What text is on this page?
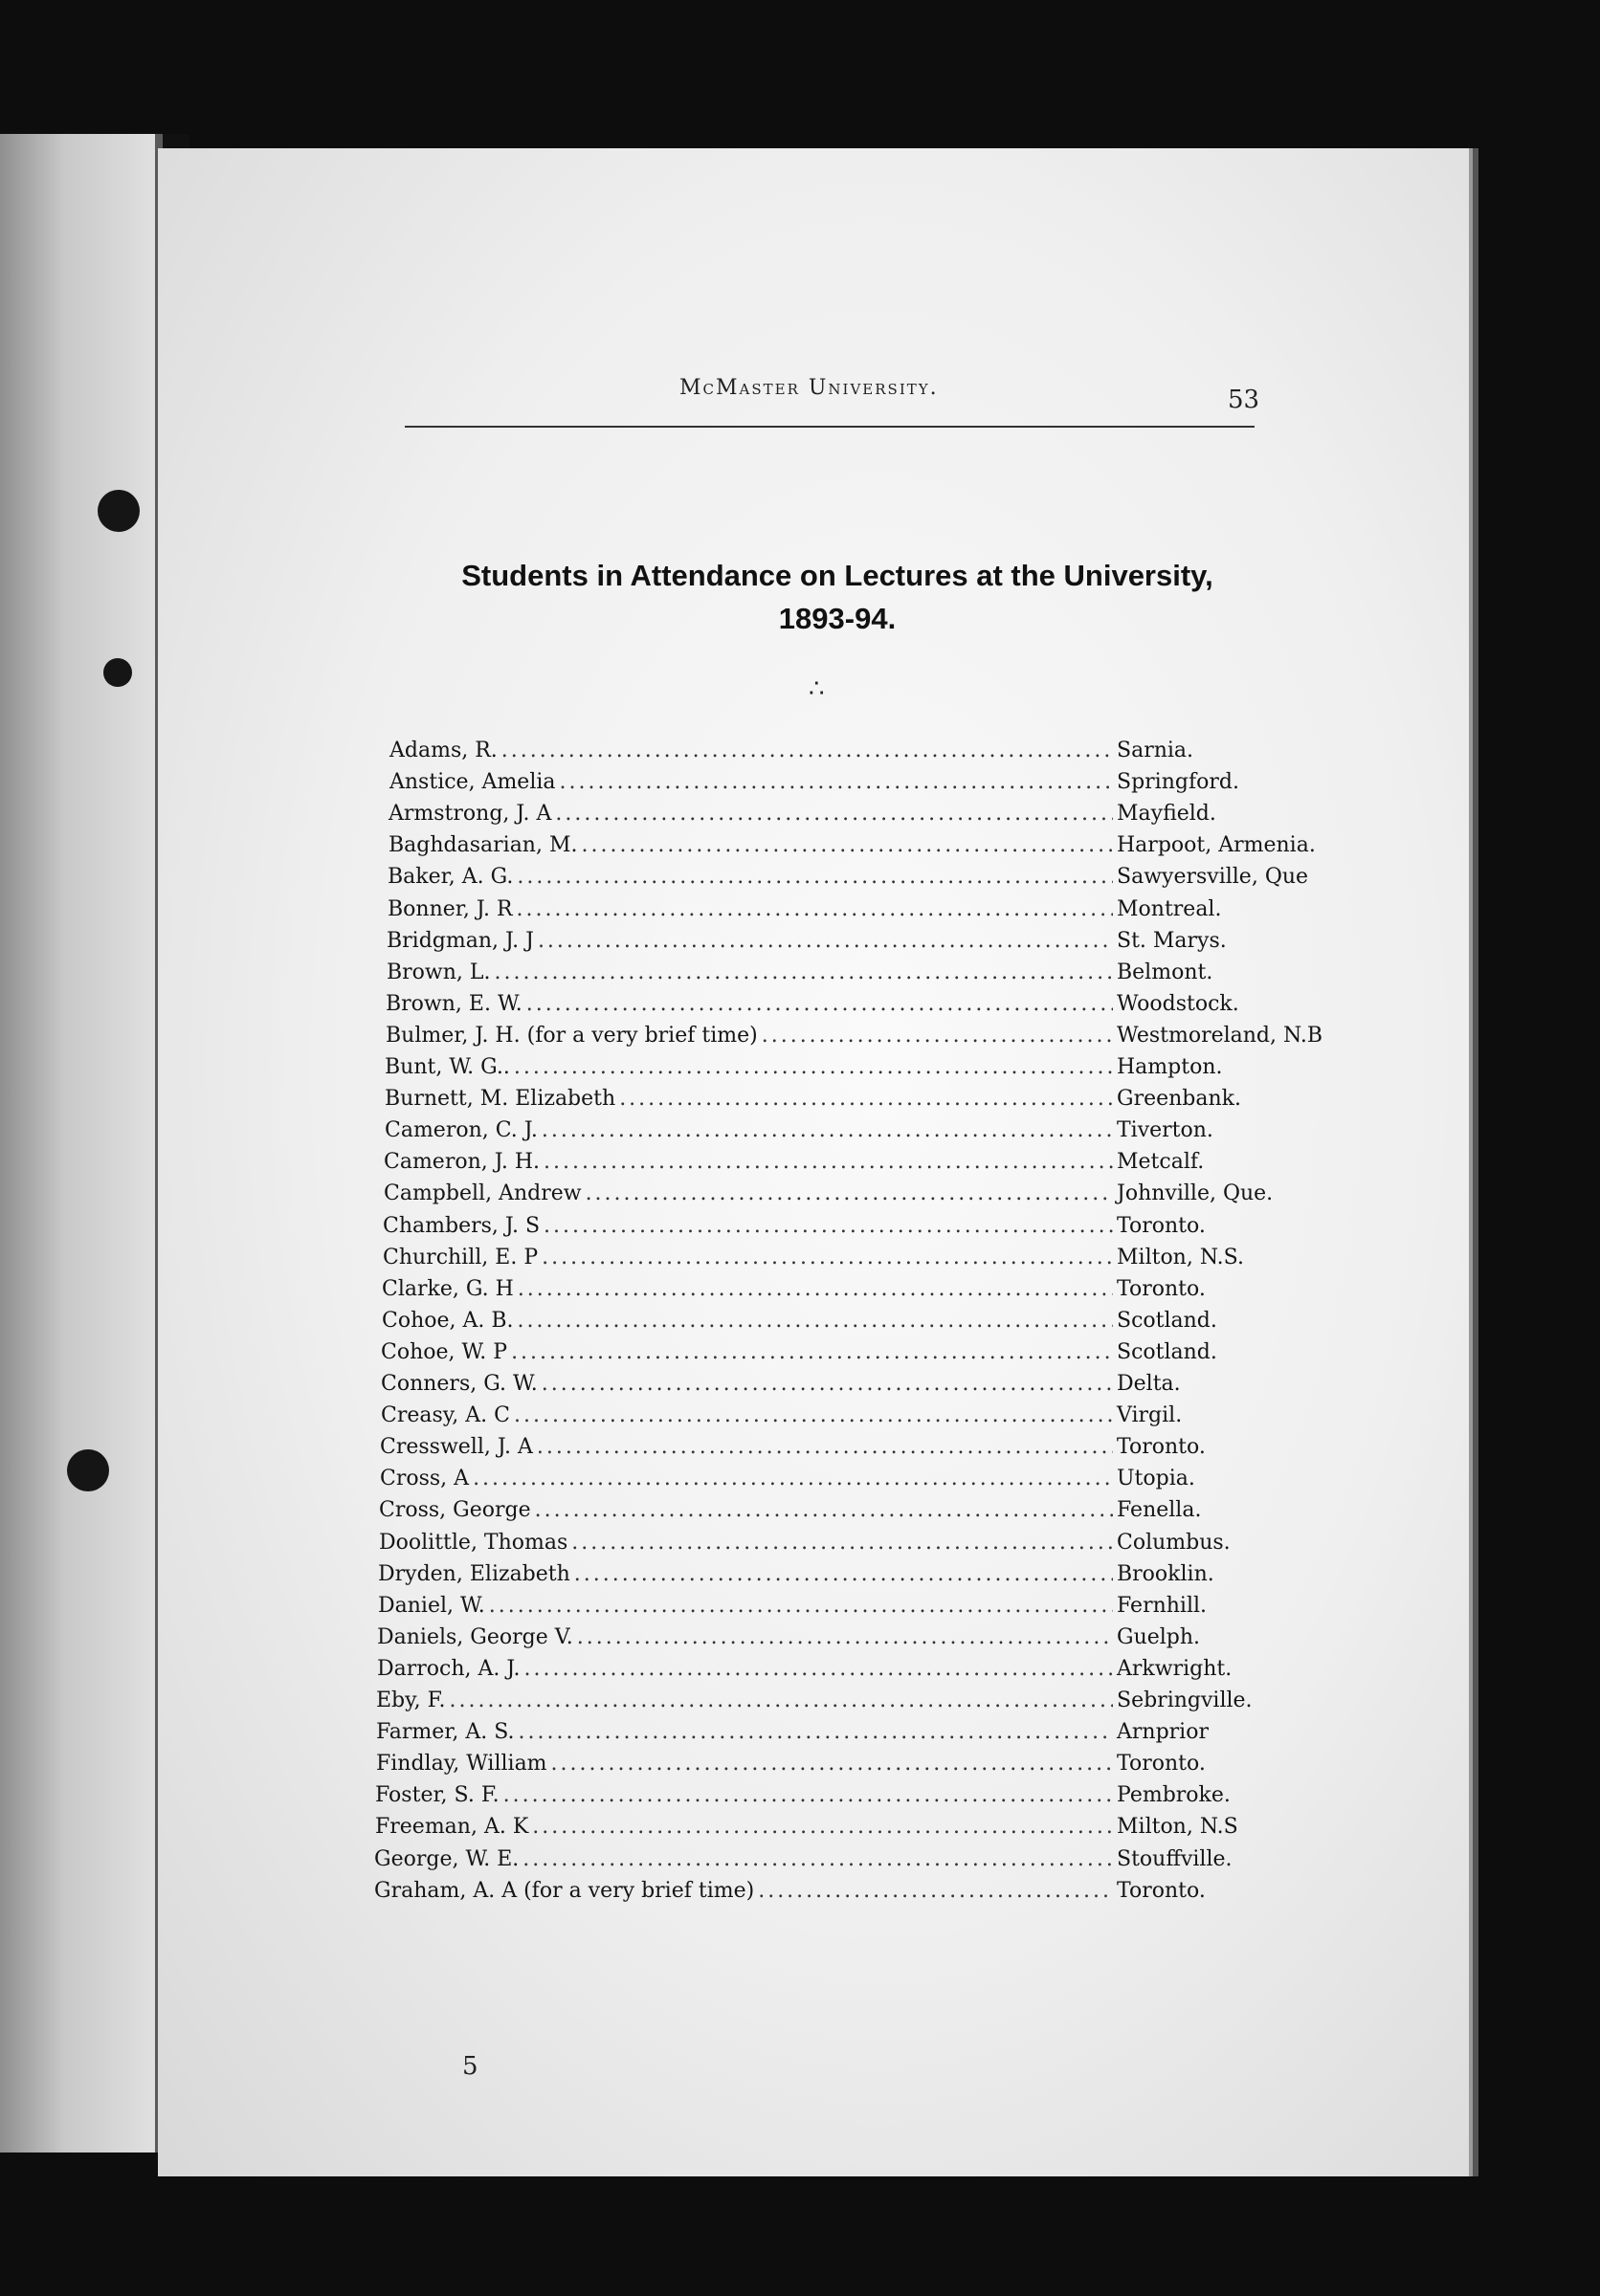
McMaster University.	53
Students in Attendance on Lectures at the University,
1893-94.
∴
Adams, R. .....	Sarnia.
Anstice, Amelia .....	Springford.
Armstrong, J. A .....	Mayfield.
Baghdasarian, M. .....	Harpoot, Armenia.
Baker, A. G. .....	Sawyersville, Que
Bonner, J. R .....	Montreal.
Bridgman, J. J .....	St. Marys.
Brown, L. .....	Belmont.
Brown, E. W. .....	Woodstock.
Bulmer, J. H. (for a very brief time) .....	Westmoreland, N.B
Bunt, W. G.. .....	Hampton.
Burnett, M. Elizabeth .....	Greenbank.
Cameron, C. J. .....	Tiverton.
Cameron, J. H. .....	Metcalf.
Campbell, Andrew .....	Johnville, Que.
Chambers, J. S .....	Toronto.
Churchill, E. P .....	Milton, N.S.
Clarke, G. H .....	Toronto.
Cohoe, A. B. .....	Scotland.
Cohoe, W. P .....	Scotland.
Conners, G. W. .....	Delta.
Creasy, A. C .....	Virgil.
Cresswell, J. A .....	Toronto.
Cross, A .....	Utopia.
Cross, George .....	Fenella.
Doolittle, Thomas .....	Columbus.
Dryden, Elizabeth .....	Brooklin.
Daniel, W. .....	Fernhill.
Daniels, George V. .....	Guelph.
Darroch, A. J. .....	Arkwright.
Eby, F. .....	Sebringville.
Farmer, A. S. .....	Arnprior
Findlay, William .....	Toronto.
Foster, S. F. .....	Pembroke.
Freeman, A. K .....	Milton, N.S
George, W. E. .....	Stouffville.
Graham, A. A (for a very brief time) .....	Toronto.
5
